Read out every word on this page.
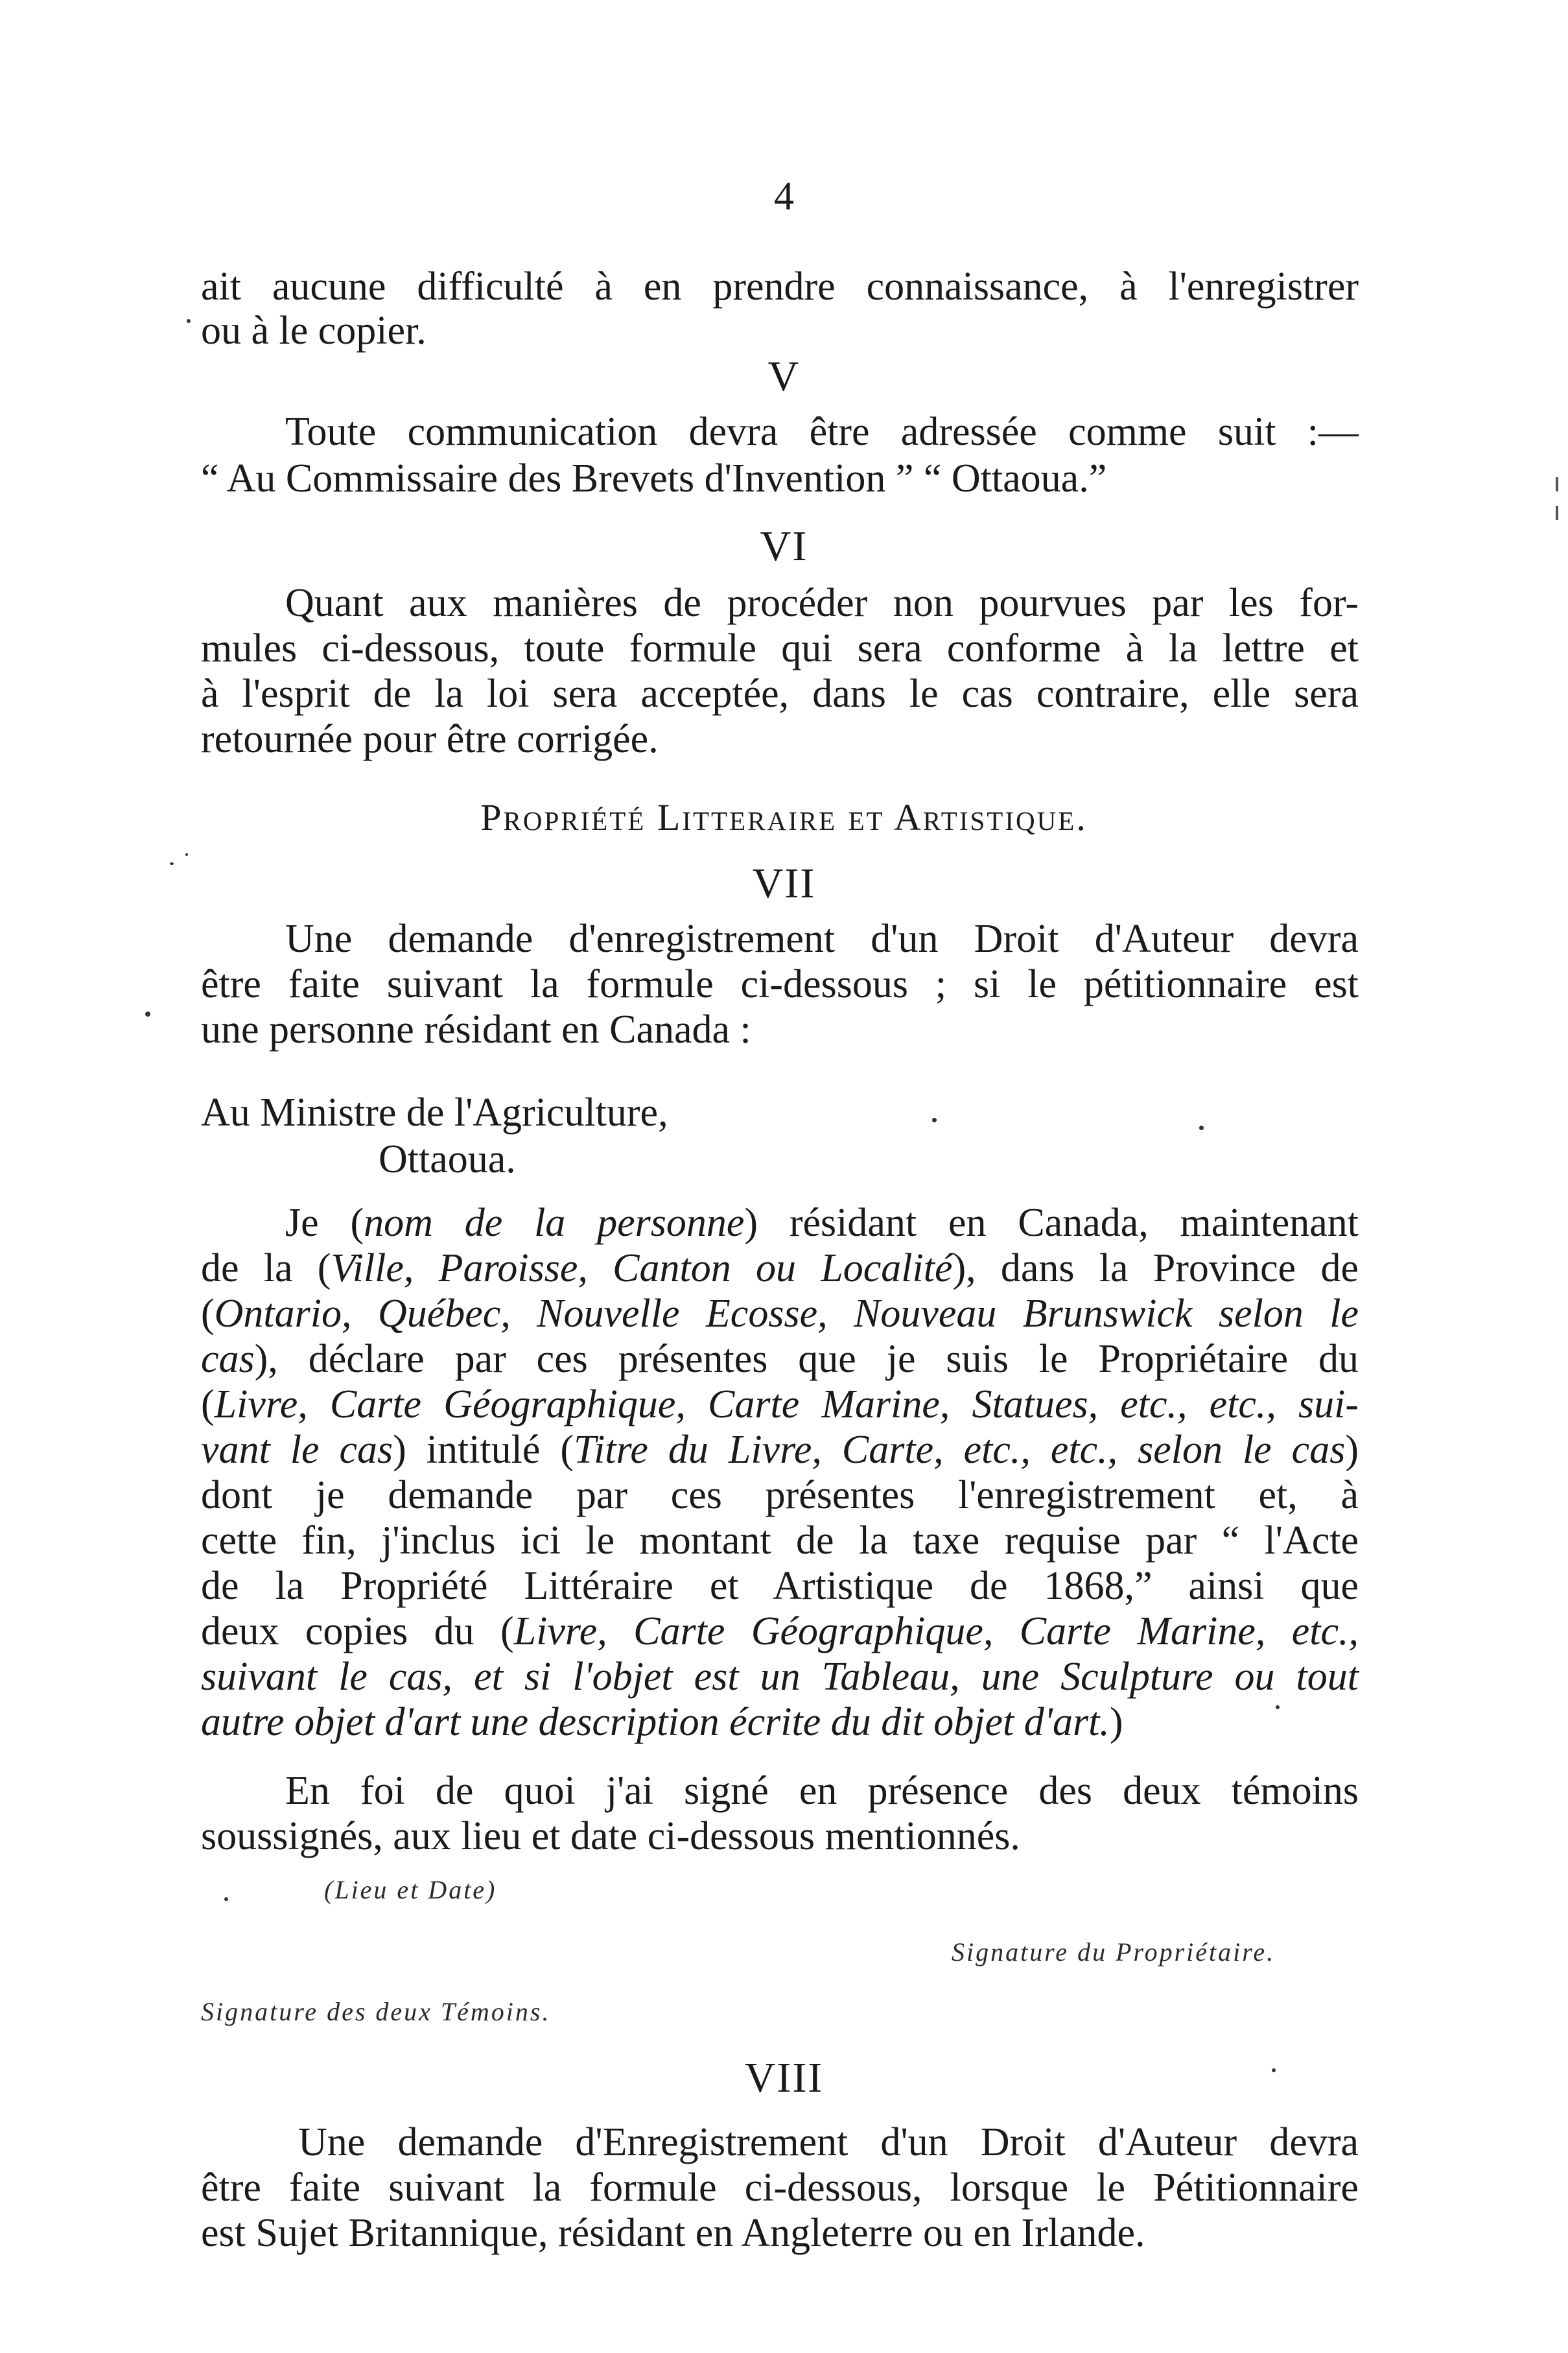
4
ait aucune difficulté à en prendre connaissance, à l'enregistrer
ou à le copier.
V
Toute communication devra être adressée comme suit :—
“ Au Commissaire des Brevets d'Invention ” “ Ottaoua.”
VI
Quant aux manières de procéder non pourvues par les for-
mules ci-dessous, toute formule qui sera conforme à la lettre et
à l'esprit de la loi sera acceptée, dans le cas contraire, elle sera
retournée pour être corrigée.
Propriété Litteraire et Artistique.
VII
Une demande d'enregistrement d'un Droit d'Auteur devra
être faite suivant la formule ci-dessous ; si le pétitionnaire est
une personne résidant en Canada :
Au Ministre de l'Agriculture,
Ottaoua.
Je (nom de la personne) résidant en Canada, maintenant
de la (Ville, Paroisse, Canton ou Localité), dans la Province de
(Ontario, Québec, Nouvelle Ecosse, Nouveau Brunswick selon le
cas), déclare par ces présentes que je suis le Propriétaire du
(Livre, Carte Géographique, Carte Marine, Statues, etc., etc., sui-
vant le cas) intitulé (Titre du Livre, Carte, etc., etc., selon le cas)
dont je demande par ces présentes l'enregistrement et, à
cette fin, j'inclus ici le montant de la taxe requise par “ l'Acte
de la Propriété Littéraire et Artistique de 1868,” ainsi que
deux copies du (Livre, Carte Géographique, Carte Marine, etc.,
suivant le cas, et si l'objet est un Tableau, une Sculpture ou tout
autre objet d'art une description écrite du dit objet d'art.)
En foi de quoi j'ai signé en présence des deux témoins
soussignés, aux lieu et date ci-dessous mentionnés.
(Lieu et Date)
Signature du Propriétaire.
Signature des deux Témoins.
VIII
Une demande d'Enregistrement d'un Droit d'Auteur devra
être faite suivant la formule ci-dessous, lorsque le Pétitionnaire
est Sujet Britannique, résidant en Angleterre ou en Irlande.
